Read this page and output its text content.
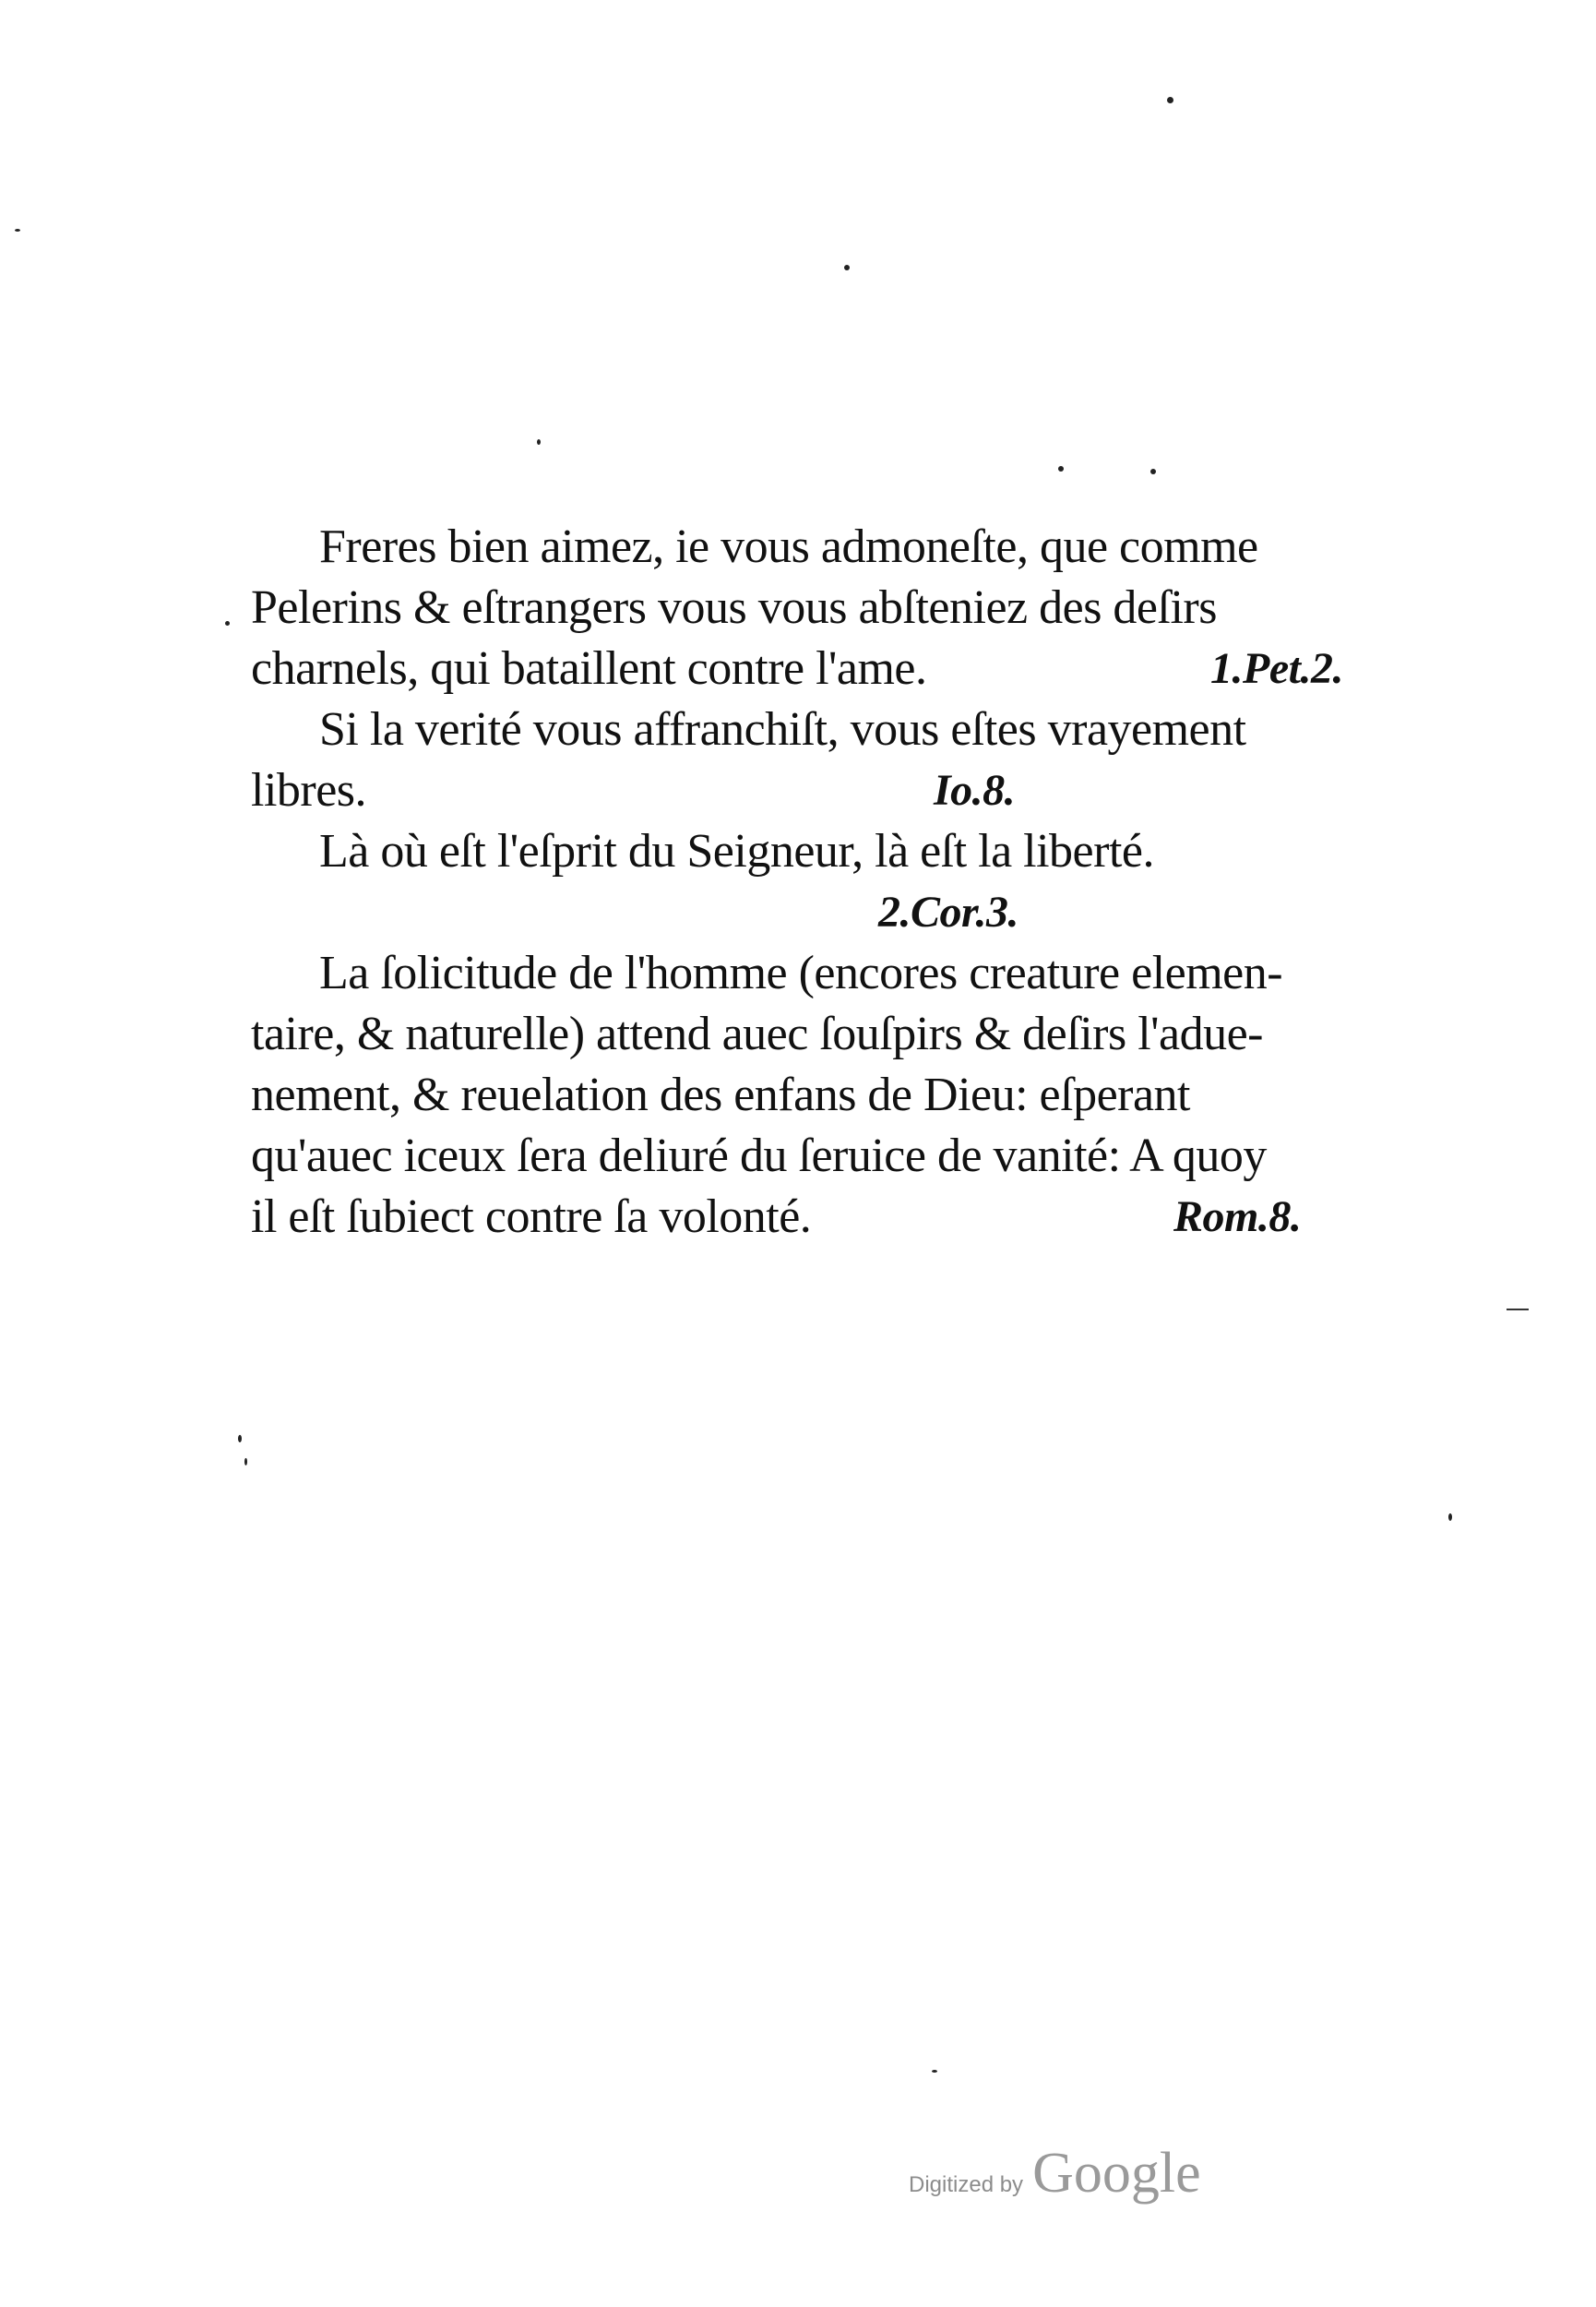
Freres bien aimez, ie vous admoneſte, que comme
Pelerins & eſtrangers vous vous abſteniez des deſirs
charnels, qui bataillent contre l'ame.	1.Pet.2.
Si la verité vous affranchiſt, vous eſtes vrayement
libres.	Io.8.
Là où eſt l'eſprit du Seigneur, là eſt la liberté.
2.Cor.3.
La ſolicitude de l'homme (encores creature elemen-
taire, & naturelle) attend auec ſouſpirs & deſirs l'adue-
nement, & reuelation des enfans de Dieu: eſperant
qu'auec iceux ſera deliuré du ſeruice de vanité: A quoy
il eſt ſubiect contre ſa volonté.	Rom.8.
Digitized by Google
